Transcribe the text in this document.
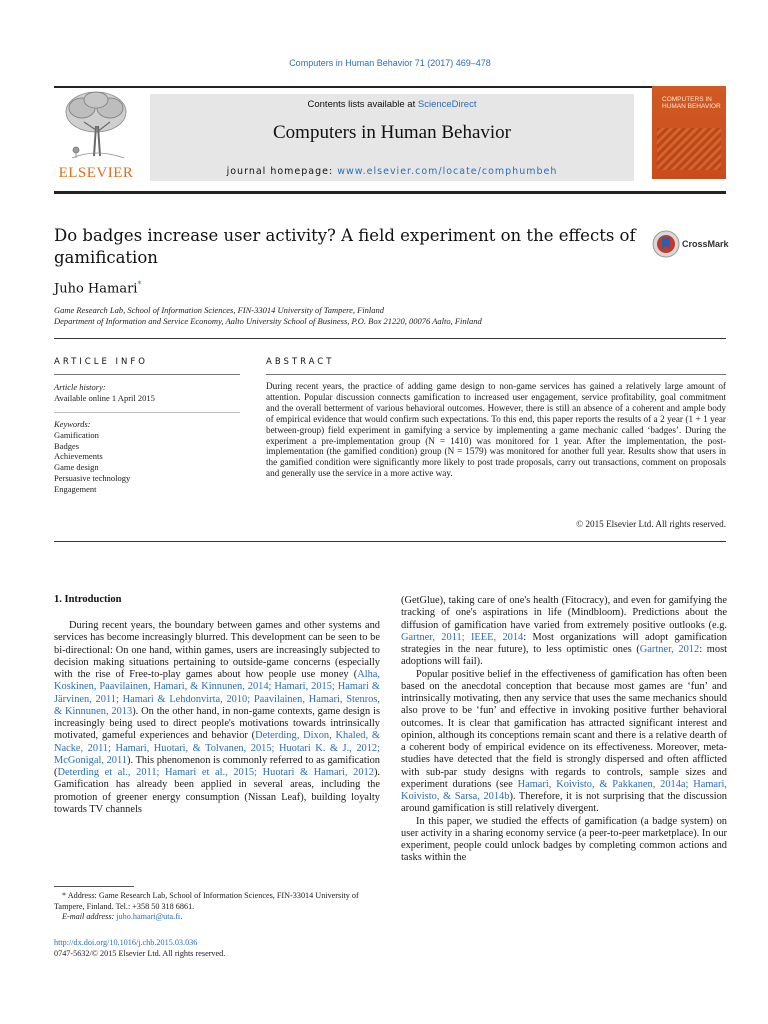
Computers in Human Behavior 71 (2017) 469–478
ELSEVIER
Contents lists available at ScienceDirect
Computers in Human Behavior
journal homepage: www.elsevier.com/locate/comphumbeh
COMPUTERS IN HUMAN BEHAVIOR
Do badges increase user activity? A field experiment on the effects of gamification
CrossMark
Juho Hamari*
Game Research Lab, School of Information Sciences, FIN-33014 University of Tampere, Finland
Department of Information and Service Economy, Aalto University School of Business, P.O. Box 21220, 00076 Aalto, Finland
ARTICLE INFO
Article history:
Available online 1 April 2015
Keywords:
Gamification
Badges
Achievements
Game design
Persuasive technology
Engagement
ABSTRACT
During recent years, the practice of adding game design to non-game services has gained a relatively large amount of attention. Popular discussion connects gamification to increased user engagement, service profitability, goal commitment and the overall betterment of various behavioral outcomes. However, there is still an absence of a coherent and ample body of empirical evidence that would confirm such expectations. To this end, this paper reports the results of a 2 year (1 + 1 year between-group) field experiment in gamifying a service by implementing a game mechanic called ‘badges’. During the experiment a pre-implementation group (N = 1410) was monitored for 1 year. After the implementation, the post-implementation (the gamified condition) group (N = 1579) was monitored for another full year. Results show that users in the gamified condition were significantly more likely to post trade proposals, carry out transactions, comment on proposals and generally use the service in a more active way.
© 2015 Elsevier Ltd. All rights reserved.
1. Introduction

During recent years, the boundary between games and other systems and services has become increasingly blurred. This development can be seen to be bi-directional: On one hand, within games, users are increasingly subjected to decision making situations pertaining to outside-game concerns (especially with the rise of Free-to-play games about how people use money (Alha, Koskinen, Paavilainen, Hamari, & Kinnunen, 2014; Hamari, 2015; Hamari & Järvinen, 2011; Hamari & Lehdonvirta, 2010; Paavilainen, Hamari, Stenros, & Kinnunen, 2013). On the other hand, in non-game contexts, game design is increasingly being used to direct people's motivations towards intrinsically motivated, gameful experiences and behavior (Deterding, Dixon, Khaled, & Nacke, 2011; Hamari, Huotari, & Tolvanen, 2015; Huotari K. & J., 2012; McGonigal, 2011). This phenomenon is commonly referred to as gamification (Deterding et al., 2011; Hamari et al., 2015; Huotari & Hamari, 2012). Gamification has already been applied in several areas, including the promotion of greener energy consumption (Nissan Leaf), building loyalty towards TV channels

(GetGlue), taking care of one's health (Fitocracy), and even for gamifying the tracking of one's aspirations in life (Mindbloom). Predictions about the diffusion of gamification have varied from extremely positive outlooks (e.g. Gartner, 2011; IEEE, 2014: Most organizations will adopt gamification strategies in the near future), to less optimistic ones (Gartner, 2012: most adoptions will fail).

Popular positive belief in the effectiveness of gamification has often been based on the anecdotal conception that because most games are ‘fun’ and intrinsically motivating, then any service that uses the same mechanics should also prove to be ‘fun’ and effective in invoking positive further behavioral outcomes. It is clear that gamification has attracted significant interest and opinion, although its conceptions remain scant and there is a relative dearth of a coherent body of empirical evidence on its effectiveness. Moreover, meta-studies have detected that the field is strongly dispersed and often afflicted with sub-par study designs with regards to controls, sample sizes and experiment durations (see Hamari, Koivisto, & Pakkanen, 2014a; Hamari, Koivisto, & Sarsa, 2014b). Therefore, it is not surprising that the discussion around gamification is still relatively divergent.

In this paper, we studied the effects of gamification (a badge system) on user activity in a sharing economy service (a peer-to-peer marketplace). In our experiment, people could unlock badges by completing common actions and tasks within the

* Address: Game Research Lab, School of Information Sciences, FIN-33014 University of Tampere, Finland. Tel.: +358 50 318 6861.
E-mail address: juho.hamari@uta.fi.
http://dx.doi.org/10.1016/j.chb.2015.03.036
0747-5632/© 2015 Elsevier Ltd. All rights reserved.
